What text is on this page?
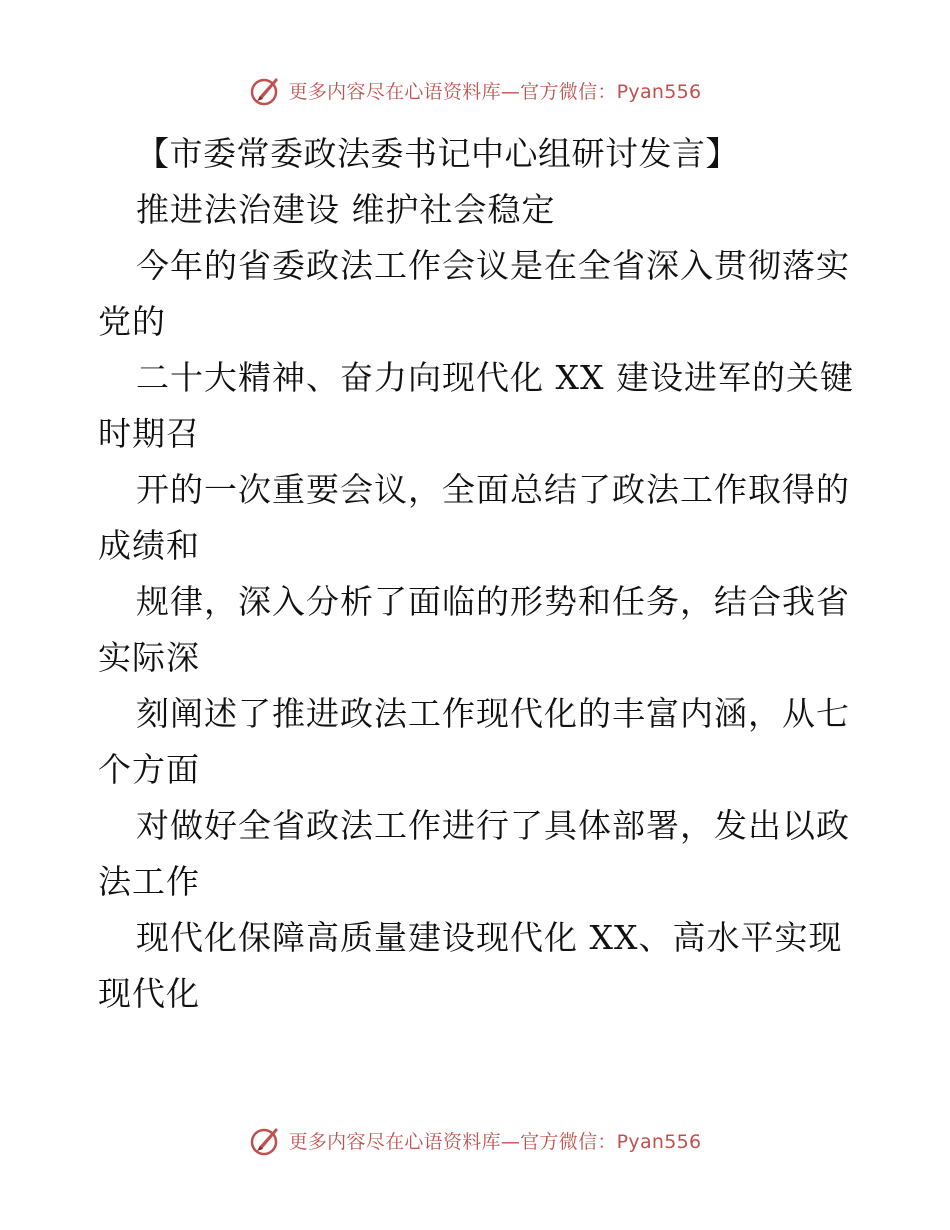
更多内容尽在心语资料库—官方微信：Pyan556
【市委常委政法委书记中心组研讨发言】
推进法治建设 维护社会稳定
今年的省委政法工作会议是在全省深入贯彻落实
党的
二十大精神、奋力向现代化 XX 建设进军的关键
时期召
开的一次重要会议，全面总结了政法工作取得的
成绩和
规律，深入分析了面临的形势和任务，结合我省
实际深
刻阐述了推进政法工作现代化的丰富内涵，从七
个方面
对做好全省政法工作进行了具体部署，发出以政
法工作
现代化保障高质量建设现代化 XX、高水平实现
现代化
更多内容尽在心语资料库—官方微信：Pyan556
